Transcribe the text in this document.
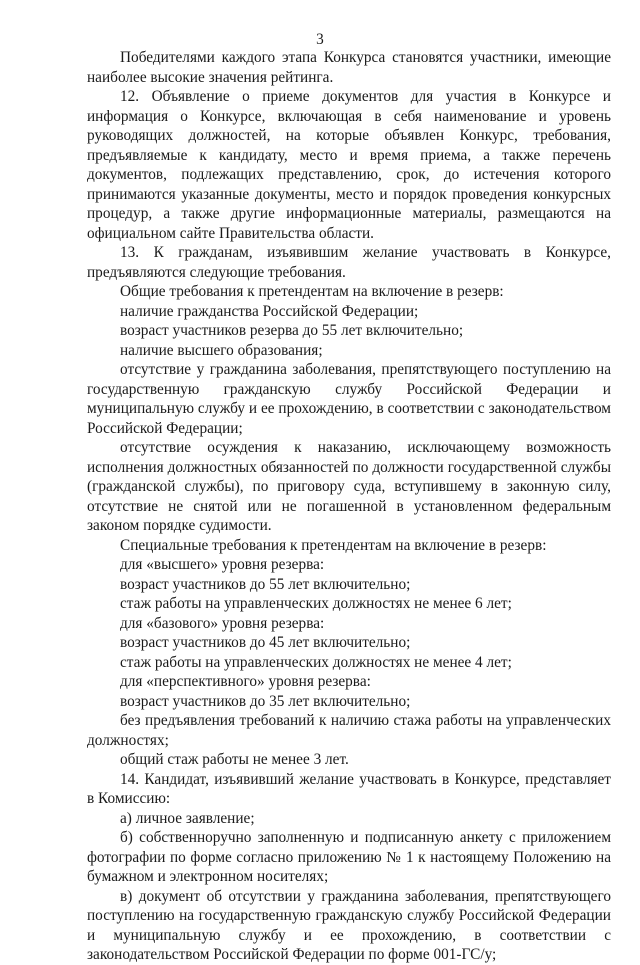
3

Победителями каждого этапа Конкурса становятся участники, имеющие наиболее высокие значения рейтинга.

12. Объявление о приеме документов для участия в Конкурсе и информация о Конкурсе, включающая в себя наименование и уровень руководящих должностей, на которые объявлен Конкурс, требования, предъявляемые к кандидату, место и время приема, а также перечень документов, подлежащих представлению, срок, до истечения которого принимаются указанные документы, место и порядок проведения конкурсных процедур, а также другие информационные материалы, размещаются на официальном сайте Правительства области.

13. К гражданам, изъявившим желание участвовать в Конкурсе, предъявляются следующие требования.

Общие требования к претендентам на включение в резерв:

наличие гражданства Российской Федерации;

возраст участников резерва до 55 лет включительно;

наличие высшего образования;

отсутствие у гражданина заболевания, препятствующего поступлению на государственную гражданскую службу Российской Федерации и муниципальную службу и ее прохождению, в соответствии с законодательством Российской Федерации;

отсутствие осуждения к наказанию, исключающему возможность исполнения должностных обязанностей по должности государственной службы (гражданской службы), по приговору суда, вступившему в законную силу, отсутствие не снятой или не погашенной в установленном федеральным законом порядке судимости.

Специальные требования к претендентам на включение в резерв:

для «высшего» уровня резерва:

возраст участников до 55 лет включительно;

стаж работы на управленческих должностях не менее 6 лет;

для «базового» уровня резерва:

возраст участников до 45 лет включительно;

стаж работы на управленческих должностях не менее 4 лет;

для «перспективного» уровня резерва:

возраст участников до 35 лет включительно;

без предъявления требований к наличию стажа работы на управленческих должностях;

общий стаж работы не менее 3 лет.

14. Кандидат, изъявивший желание участвовать в Конкурсе, представляет в Комиссию:

а) личное заявление;

б) собственноручно заполненную и подписанную анкету с приложением фотографии по форме согласно приложению № 1 к настоящему Положению на бумажном и электронном носителях;

в) документ об отсутствии у гражданина заболевания, препятствующего поступлению на государственную гражданскую службу Российской Федерации и муниципальную службу и ее прохождению, в соответствии с законодательством Российской Федерации по форме 001-ГС/у;
